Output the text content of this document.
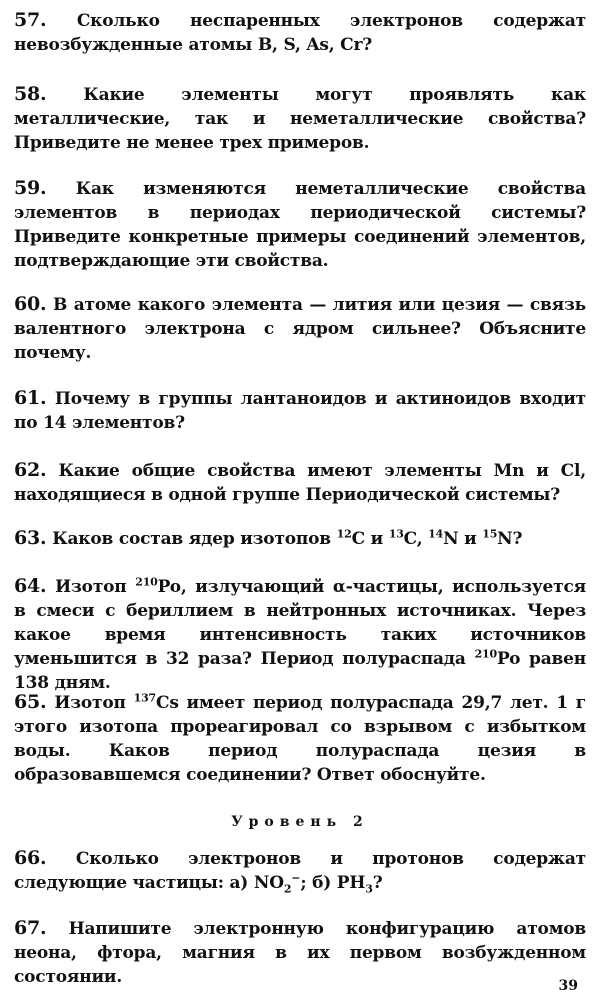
57. Сколько неспаренных электронов содержат невозбужденные атомы B, S, As, Cr?
58. Какие элементы могут проявлять как металлические, так и неметаллические свойства? Приведите не менее трех примеров.
59. Как изменяются неметаллические свойства элементов в периодах периодической системы? Приведите конкретные примеры соединений элементов, подтверждающие эти свойства.
60. В атоме какого элемента — лития или цезия — связь валентного электрона с ядром сильнее? Объясните почему.
61. Почему в группы лантаноидов и актиноидов входит по 14 элементов?
62. Какие общие свойства имеют элементы Mn и Cl, находящиеся в одной группе Периодической системы?
63. Каков состав ядер изотопов $^{12}$C и $^{13}$C, $^{14}$N и $^{15}$N?
64. Изотоп $^{210}$Po, излучающий α-частицы, используется в смеси с бериллием в нейтронных источниках. Через какое время интенсивность таких источников уменьшится в 32 раза? Период полураспада $^{210}$Po равен 138 дням.
65. Изотоп $^{137}$Cs имеет период полураспада 29,7 лет. 1 г этого изотопа прореагировал со взрывом с избытком воды. Каков период полураспада цезия в образовавшемся соединении? Ответ обоснуйте.
Уровень 2
66. Сколько электронов и протонов содержат следующие частицы: а) $NO_2^-$; б) $PH_3$?
67. Напишите электронную конфигурацию атомов неона, фтора, магния в их первом возбужденном состоянии.	39
